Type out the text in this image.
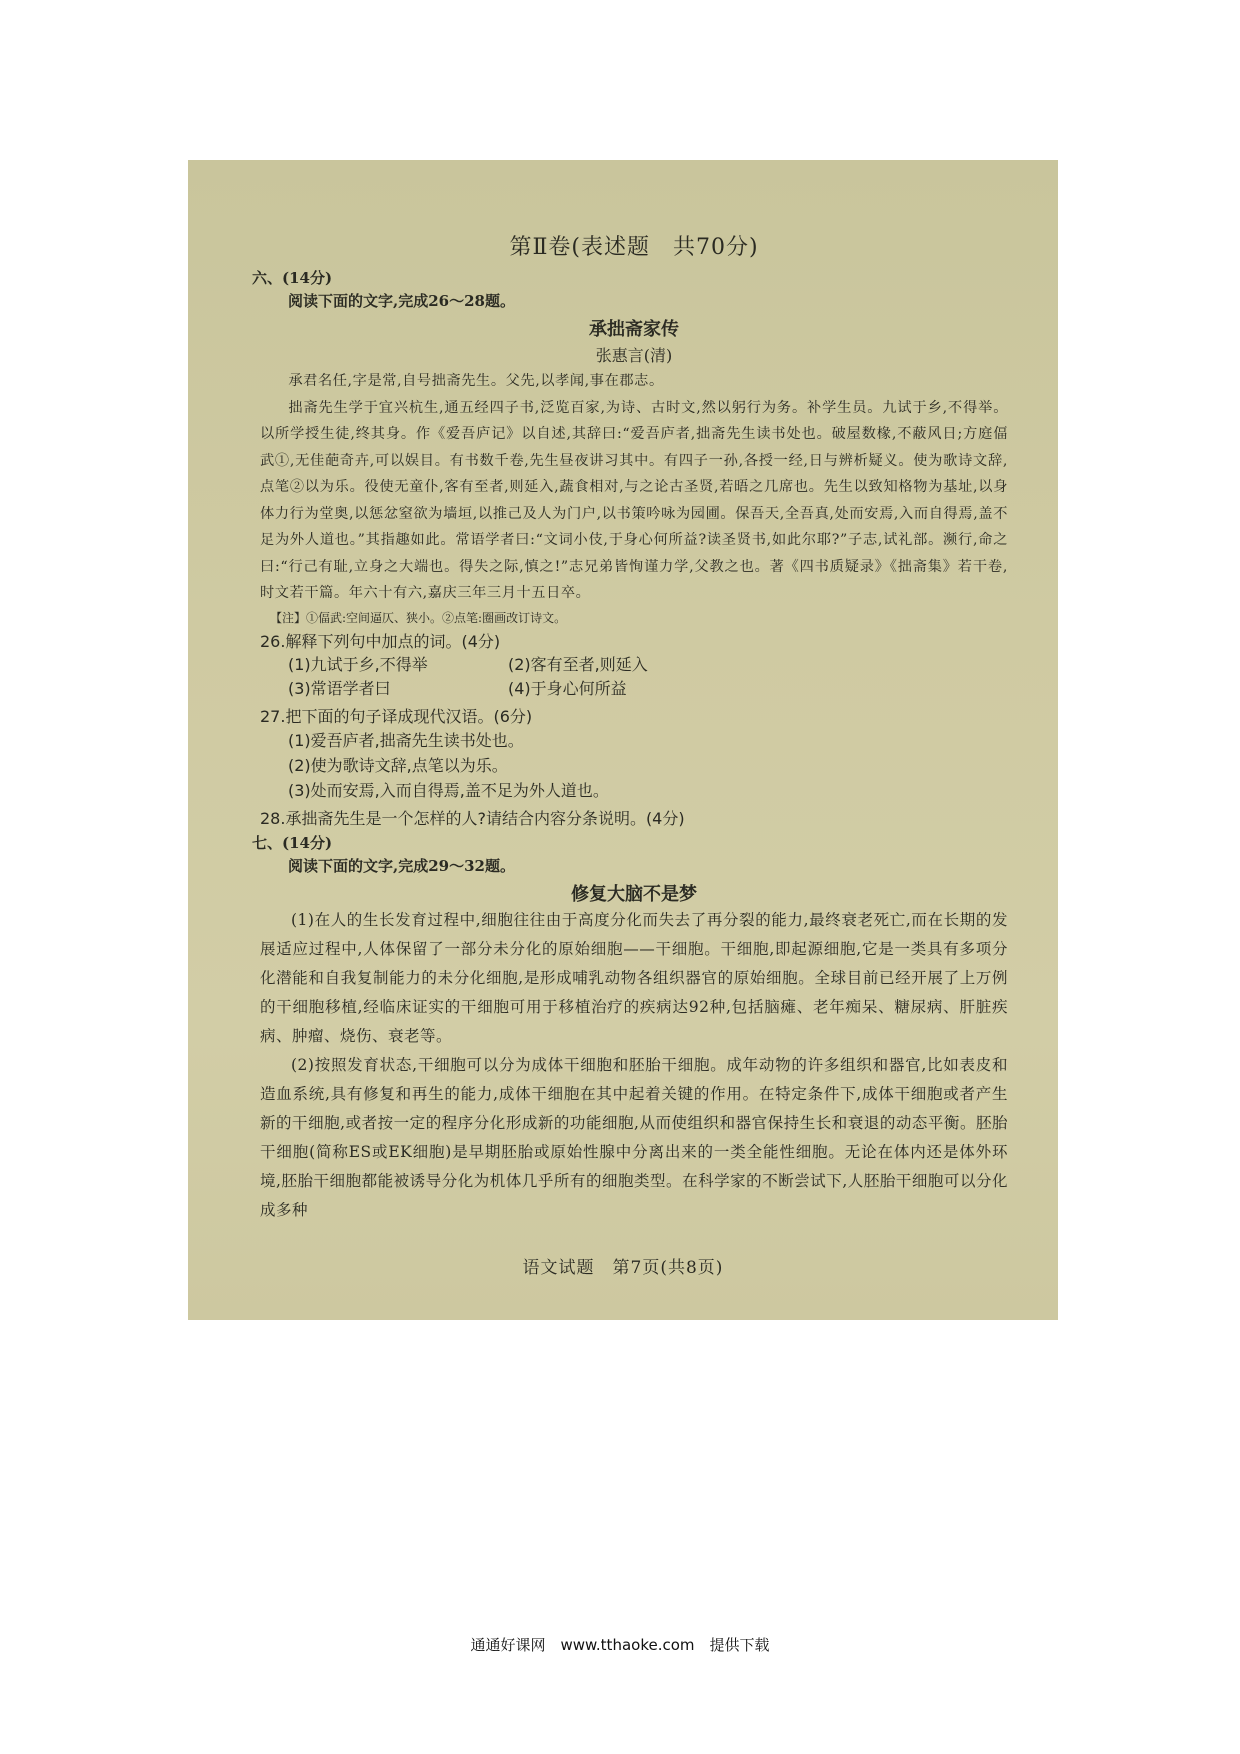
第Ⅱ卷(表述题　共70分)
六、(14分)
阅读下面的文字,完成26～28题。
承拙斋家传
张惠言(清)

承君名任,字是常,自号拙斋先生。父先,以孝闻,事在郡志。

拙斋先生学于宜兴杭生,通五经四子书,泛览百家,为诗、古时文,然以躬行为务。补学生员。九试于乡,不得举。以所学授生徒,终其身。作《爱吾庐记》以自述,其辞曰:“爱吾庐者,拙斋先生读书处也。破屋数椽,不蔽风日;方庭偪武①,无佳葩奇卉,可以娱目。有书数千卷,先生昼夜讲习其中。有四子一孙,各授一经,日与辨析疑义。使为歌诗文辞,点笔②以为乐。役使无童仆,客有至者,则延入,蔬食相对,与之论古圣贤,若晤之几席也。先生以致知格物为基址,以身体力行为堂奥,以惩忿窒欲为墙垣,以推己及人为门户,以书策吟咏为园圃。保吾天,全吾真,处而安焉,入而自得焉,盖不足为外人道也。”其指趣如此。常语学者曰:“文词小伎,于身心何所益?读圣贤书,如此尔耶?”子志,试礼部。濒行,命之曰:“行己有耻,立身之大端也。得失之际,慎之!”志兄弟皆恂谨力学,父教之也。著《四书质疑录》《拙斋集》若干卷,时文若干篇。年六十有六,嘉庆三年三月十五日卒。

【注】①偪武:空间逼仄、狭小。②点笔:圈画改订诗文。
26.解释下列句中加点的词。(4分)
(1)九试于乡,不得举	(2)客有至者,则延入
(3)常语学者曰	(4)于身心何所益
27.把下面的句子译成现代汉语。(6分)
(1)爱吾庐者,拙斋先生读书处也。
(2)使为歌诗文辞,点笔以为乐。
(3)处而安焉,入而自得焉,盖不足为外人道也。
28.承拙斋先生是一个怎样的人?请结合内容分条说明。(4分)
七、(14分)
阅读下面的文字,完成29～32题。
修复大脑不是梦

(1)在人的生长发育过程中,细胞往往由于高度分化而失去了再分裂的能力,最终衰老死亡,而在长期的发展适应过程中,人体保留了一部分未分化的原始细胞——干细胞。干细胞,即起源细胞,它是一类具有多项分化潜能和自我复制能力的未分化细胞,是形成哺乳动物各组织器官的原始细胞。全球目前已经开展了上万例的干细胞移植,经临床证实的干细胞可用于移植治疗的疾病达92种,包括脑瘫、老年痴呆、糖尿病、肝脏疾病、肿瘤、烧伤、衰老等。

(2)按照发育状态,干细胞可以分为成体干细胞和胚胎干细胞。成年动物的许多组织和器官,比如表皮和造血系统,具有修复和再生的能力,成体干细胞在其中起着关键的作用。在特定条件下,成体干细胞或者产生新的干细胞,或者按一定的程序分化形成新的功能细胞,从而使组织和器官保持生长和衰退的动态平衡。胚胎干细胞(简称ES或EK细胞)是早期胚胎或原始性腺中分离出来的一类全能性细胞。无论在体内还是体外环境,胚胎干细胞都能被诱导分化为机体几乎所有的细胞类型。在科学家的不断尝试下,人胚胎干细胞可以分化成多种

语文试题　第7页(共8页)
通通好课网　www.tthaoke.com　提供下载
